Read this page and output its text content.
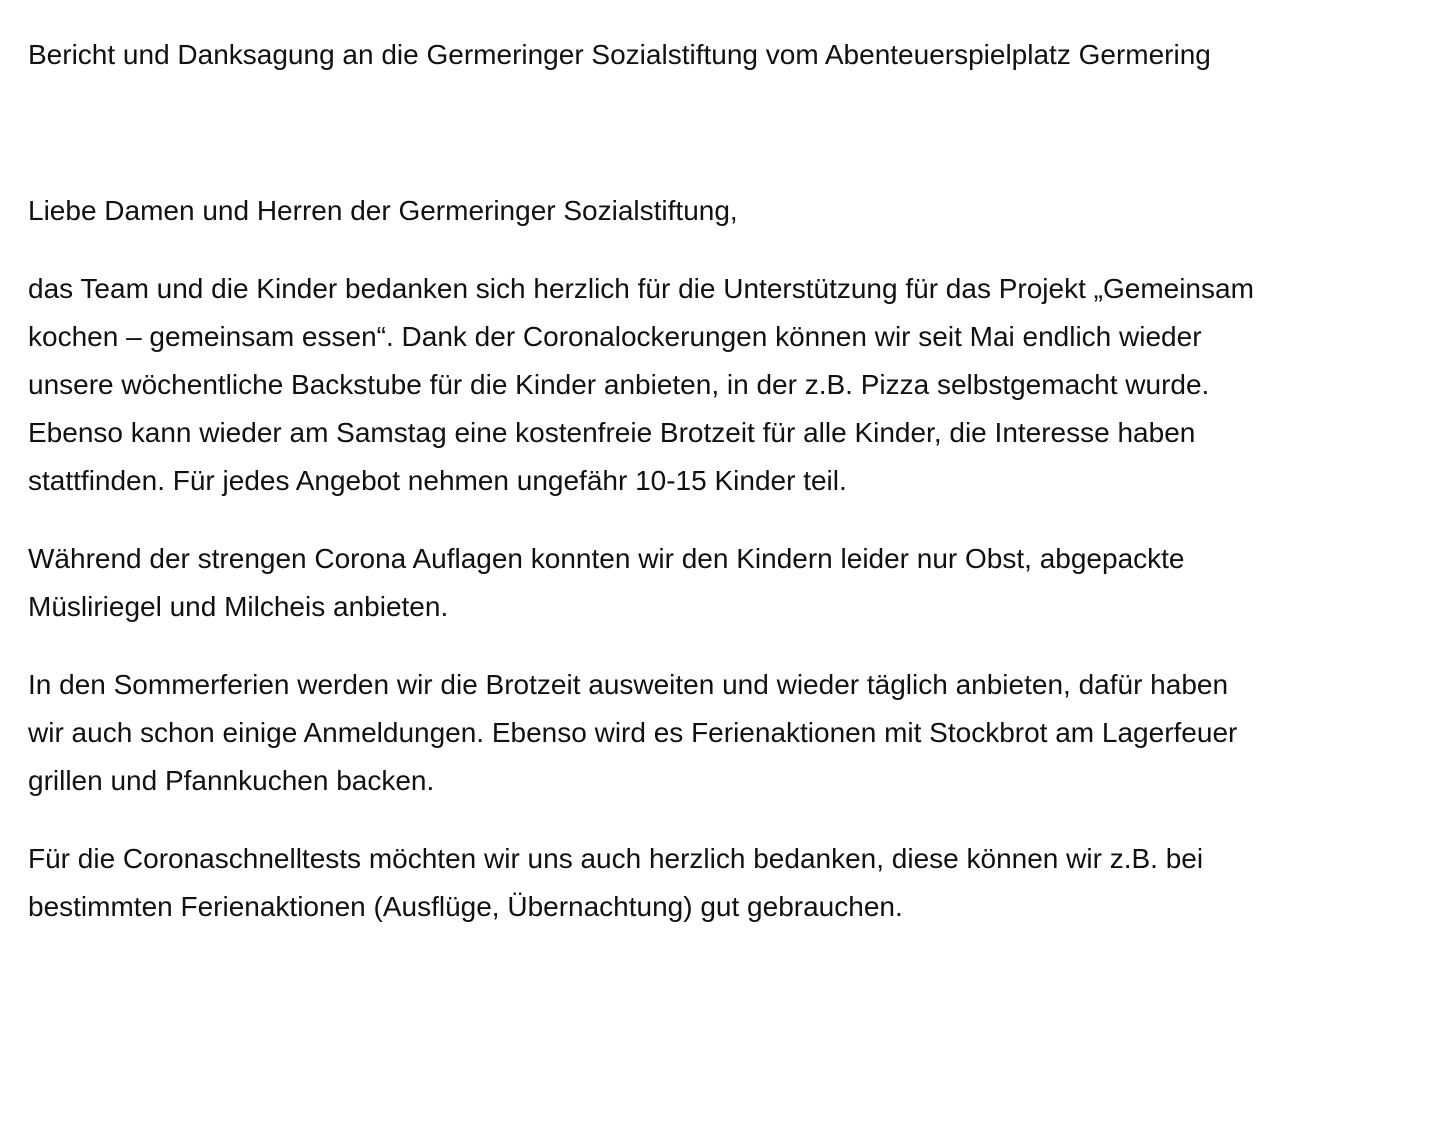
Bericht und Danksagung an die Germeringer Sozialstiftung vom Abenteuerspielplatz Germering
Liebe Damen und Herren der Germeringer Sozialstiftung,
das Team und die Kinder bedanken sich herzlich für die Unterstützung für das Projekt „Gemeinsam
kochen – gemeinsam essen“. Dank der Coronalockerungen können wir seit Mai endlich wieder
unsere wöchentliche Backstube für die Kinder anbieten, in der z.B. Pizza selbstgemacht wurde.
Ebenso kann wieder am Samstag eine kostenfreie Brotzeit für alle Kinder, die Interesse haben
stattfinden. Für jedes Angebot nehmen ungefähr 10-15 Kinder teil.
Während der strengen Corona Auflagen konnten wir den Kindern leider nur Obst, abgepackte
Müsliriegel und Milcheis anbieten.
In den Sommerferien werden wir die Brotzeit ausweiten und wieder täglich anbieten, dafür haben
wir auch schon einige Anmeldungen. Ebenso wird es Ferienaktionen mit Stockbrot am Lagerfeuer
grillen und Pfannkuchen backen.
Für die Coronaschnelltests möchten wir uns auch herzlich bedanken, diese können wir z.B. bei
bestimmten Ferienaktionen (Ausflüge, Übernachtung) gut gebrauchen.
